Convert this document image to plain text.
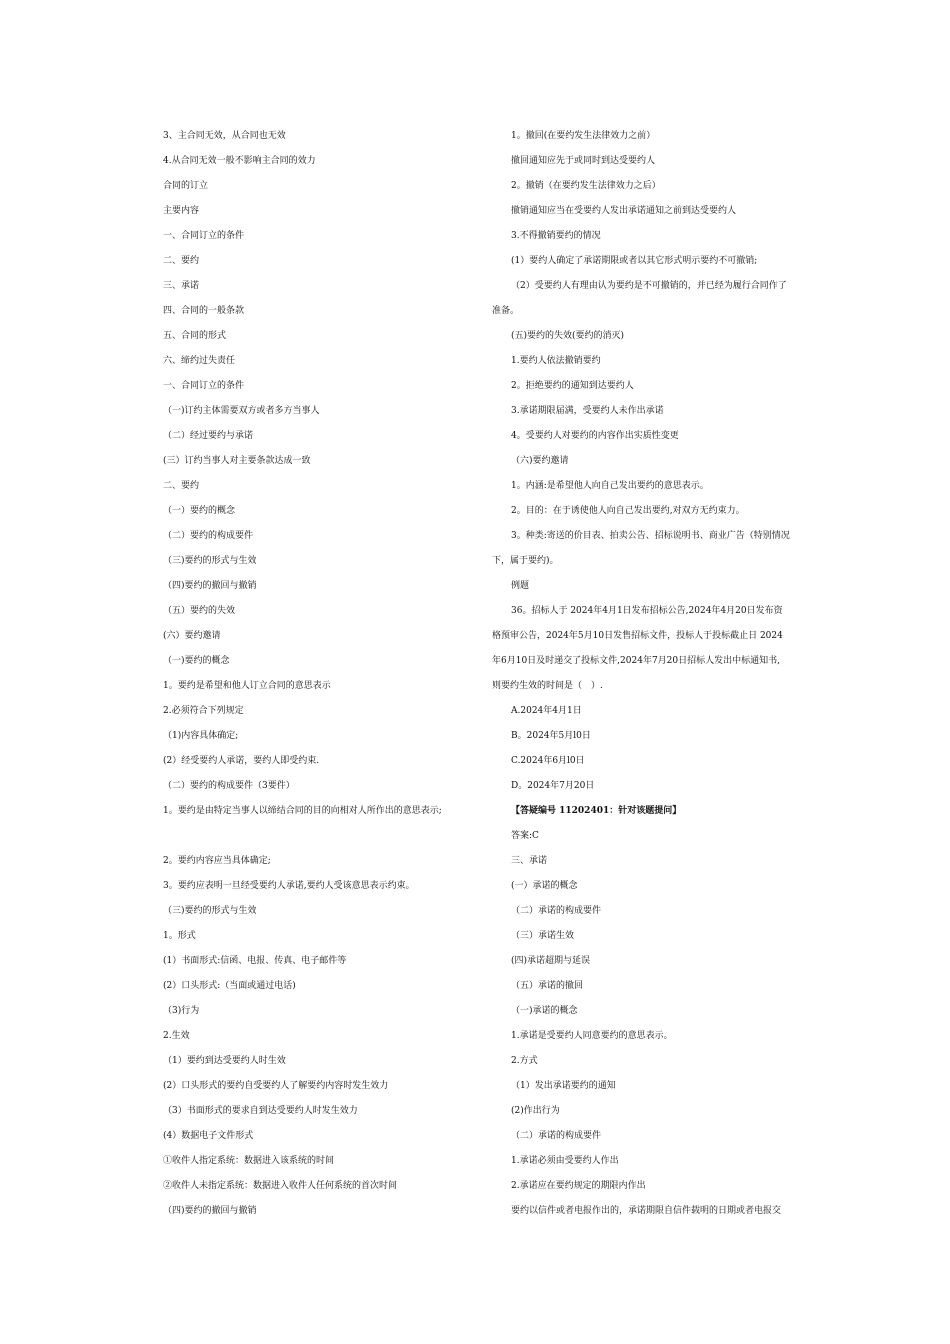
3、主合同无效，从合同也无效
4.从合同无效一般不影响主合同的效力
合同的订立
主要内容
一、合同订立的条件
二、要约
三、承诺
四、合同的一般条款
五、合同的形式
六、缔约过失责任
一、合同订立的条件
（一)订约主体需要双方或者多方当事人
（二）经过要约与承诺
(三）订约当事人对主要条款达成一致
二、要约
（一）要约的概念
（二）要约的构成要件
（三)要约的形式与生效
（四)要约的撤回与撤销
（五）要约的失效
(六）要约邀请
（一)要约的概念
1。要约是希望和他人订立合同的意思表示
2.必须符合下列规定
（1)内容具体确定;
(2）经受要约人承诺，要约人即受约束.
（二）要约的构成要件（3要件）
1。要约是由特定当事人以缔结合同的目的向相对人所作出的意思表示;
2。要约内容应当具体确定;
3。要约应表明一旦经受要约人承诺,要约人受该意思表示约束。
（三)要约的形式与生效
1。形式
(1）书面形式:信函、电报、传真、电子邮件等
(2）口头形式:（当面或通过电话)
（3)行为
2.生效
（1）要约到达受要约人时生效
(2）口头形式的要约自受要约人了解要约内容时发生效力
（3）书面形式的要求自到达受要约人时发生效力
(4）数据电子文件形式
①收件人指定系统：数据进入该系统的时间
②收件人未指定系统：数据进入收件人任何系统的首次时间
（四)要约的撤回与撤销
1。撤回(在要约发生法律效力之前）
撤回通知应先于或同时到达受要约人
2。撤销（在要约发生法律效力之后）
撤销通知应当在受要约人发出承诺通知之前到达受要约人
3.不得撤销要约的情况
(1）要约人确定了承诺期限或者以其它形式明示要约不可撤销;
（2）受要约人有理由认为要约是不可撤销的，并已经为履行合同作了
准备。
(五)要约的失效(要约的消灭)
1.要约人依法撤销要约
2。拒绝要约的通知到达要约人
3.承诺期限届满，受要约人未作出承诺
4。受要约人对要约的内容作出实质性变更
（六)要约邀请
1。内涵:是希望他人向自己发出要约的意思表示。
2。目的：在于诱使他人向自己发出要约,对双方无约束力。
3。种类:寄送的价目表、拍卖公告、招标说明书、商业广告（特别情况
下，属于要约)。
例题
36。招标人于 2024年4月1日发布招标公告,2024年4月20日发布资
格预审公告，2024年5月10日发售招标文件，投标人于投标截止日 2024
年6月10日及时递交了投标文件,2024年7月20日招标人发出中标通知书,
则要约生效的时间是（　）.
A.2024年4月1日
B。2024年5月l0日
C.2024年6月l0日
D。2024年7月20日
【答疑编号 11202401：针对该题提问】
答案:C
三、承诺
(一）承诺的概念
（二）承诺的构成要件
（三）承诺生效
(四)承诺超期与延误
（五）承诺的撤回
（一)承诺的概念
1.承诺是受要约人同意要约的意思表示。
2.方式
（1）发出承诺要约的通知
(2)作出行为
（二）承诺的构成要件
1.承诺必须由受要约人作出
2.承诺应在要约规定的期限内作出
要约以信件或者电报作出的，承诺期限自信件载明的日期或者电报交
